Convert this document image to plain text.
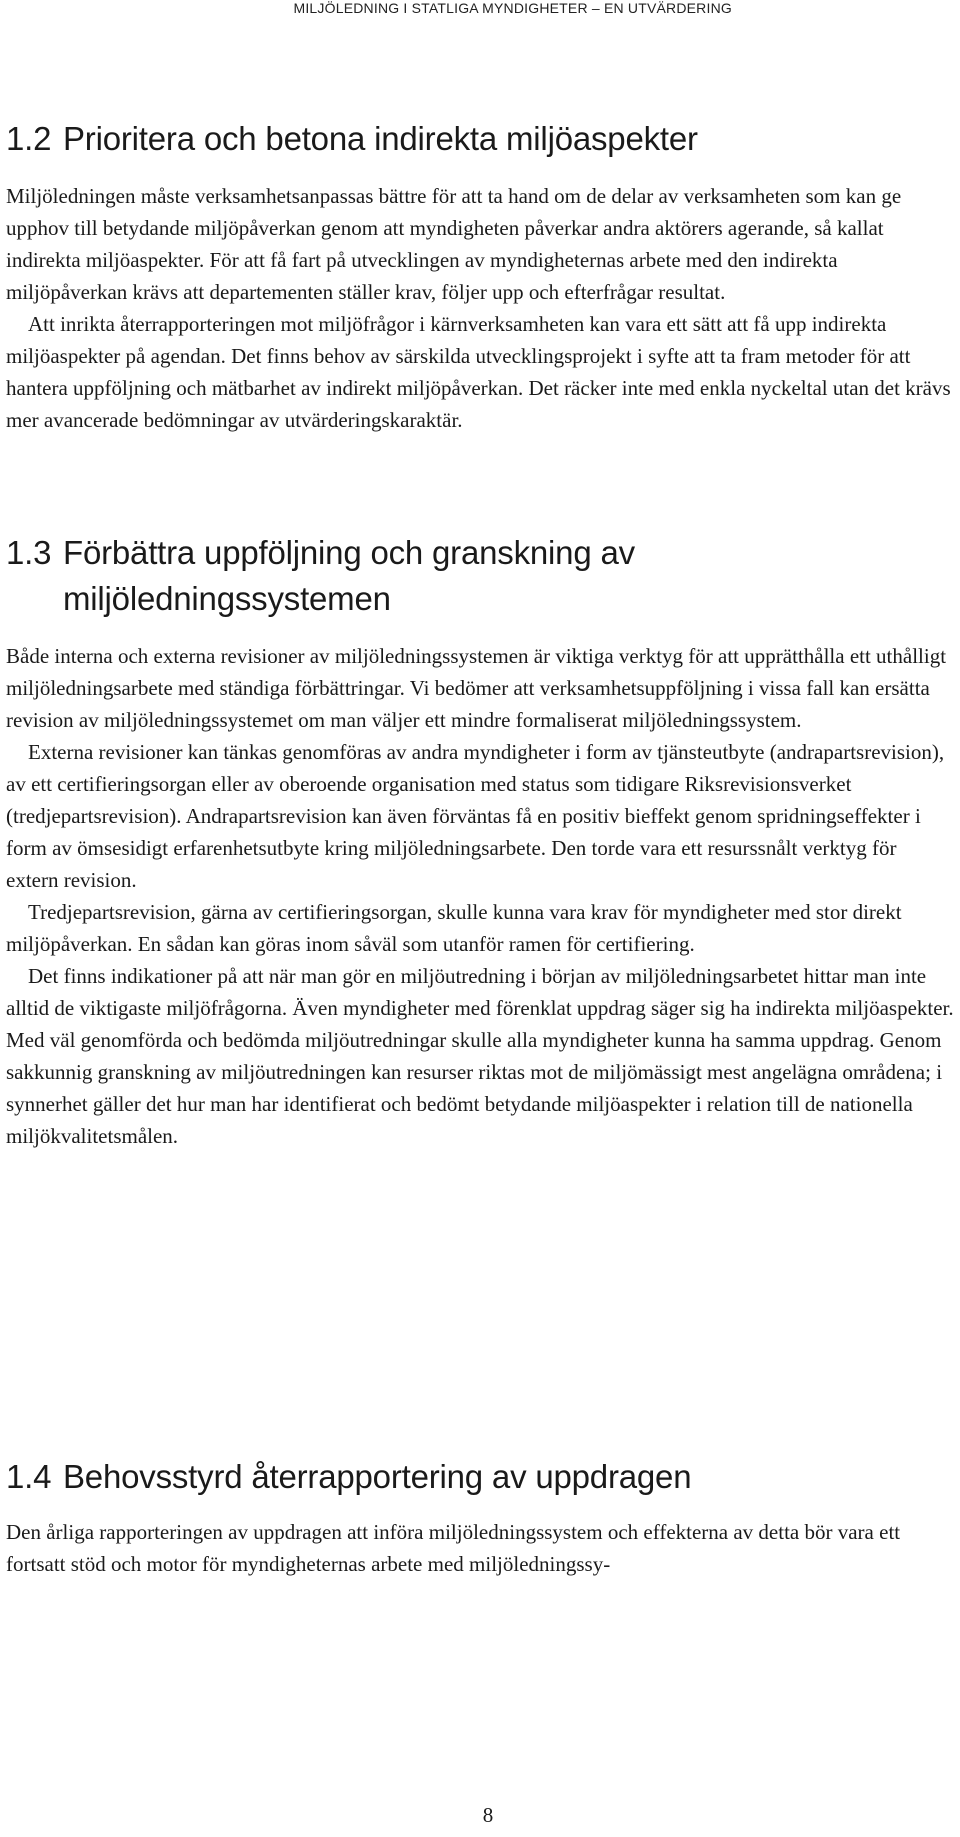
MILJÖLEDNING I STATLIGA MYNDIGHETER – EN UTVÄRDERING
1.2 Prioritera och betona indirekta miljöaspekter

Miljöledningen måste verksamhetsanpassas bättre för att ta hand om de delar av verksamheten som kan ge upphov till betydande miljöpåverkan genom att myndigheten påverkar andra aktörers agerande, så kallat indirekta miljöaspekter. För att få fart på utvecklingen av myndigheternas arbete med den indirekta miljöpåverkan krävs att departementen ställer krav, följer upp och efterfrågar resultat.

Att inrikta återrapporteringen mot miljöfrågor i kärnverksamheten kan vara ett sätt att få upp indirekta miljöaspekter på agendan. Det finns behov av särskilda utvecklingsprojekt i syfte att ta fram metoder för att hantera uppföljning och mätbarhet av indirekt miljöpåverkan. Det räcker inte med enkla nyckeltal utan det krävs mer avancerade bedömningar av utvärderingskaraktär.

1.3 Förbättra uppföljning och granskning av
miljöledningssystemen

Både interna och externa revisioner av miljöledningssystemen är viktiga verktyg för att upprätthålla ett uthålligt miljöledningsarbete med ständiga förbättringar. Vi bedömer att verksamhetsuppföljning i vissa fall kan ersätta revision av miljöledningssystemet om man väljer ett mindre formaliserat miljöledningssystem.

Externa revisioner kan tänkas genomföras av andra myndigheter i form av tjänsteutbyte (andrapartsrevision), av ett certifieringsorgan eller av oberoende organisation med status som tidigare Riksrevisionsverket (tredjepartsrevision). Andrapartsrevision kan även förväntas få en positiv bieffekt genom spridningseffekter i form av ömsesidigt erfarenhetsutbyte kring miljöledningsarbete. Den torde vara ett resurssnålt verktyg för extern revision.

Tredjepartsrevision, gärna av certifieringsorgan, skulle kunna vara krav för myndigheter med stor direkt miljöpåverkan. En sådan kan göras inom såväl som utanför ramen för certifiering.

Det finns indikationer på att när man gör en miljöutredning i början av miljöledningsarbetet hittar man inte alltid de viktigaste miljöfrågorna. Även myndigheter med förenklat uppdrag säger sig ha indirekta miljöaspekter. Med väl genomförda och bedömda miljöutredningar skulle alla myndigheter kunna ha samma uppdrag. Genom sakkunnig granskning av miljöutredningen kan resurser riktas mot de miljömässigt mest angelägna områdena; i synnerhet gäller det hur man har identifierat och bedömt betydande miljöaspekter i relation till de nationella miljökvalitetsmålen.

1.4 Behovsstyrd återrapportering av uppdragen

Den årliga rapporteringen av uppdragen att införa miljöledningssystem och effekterna av detta bör vara ett fortsatt stöd och motor för myndigheternas arbete med miljöledningssy-

8
